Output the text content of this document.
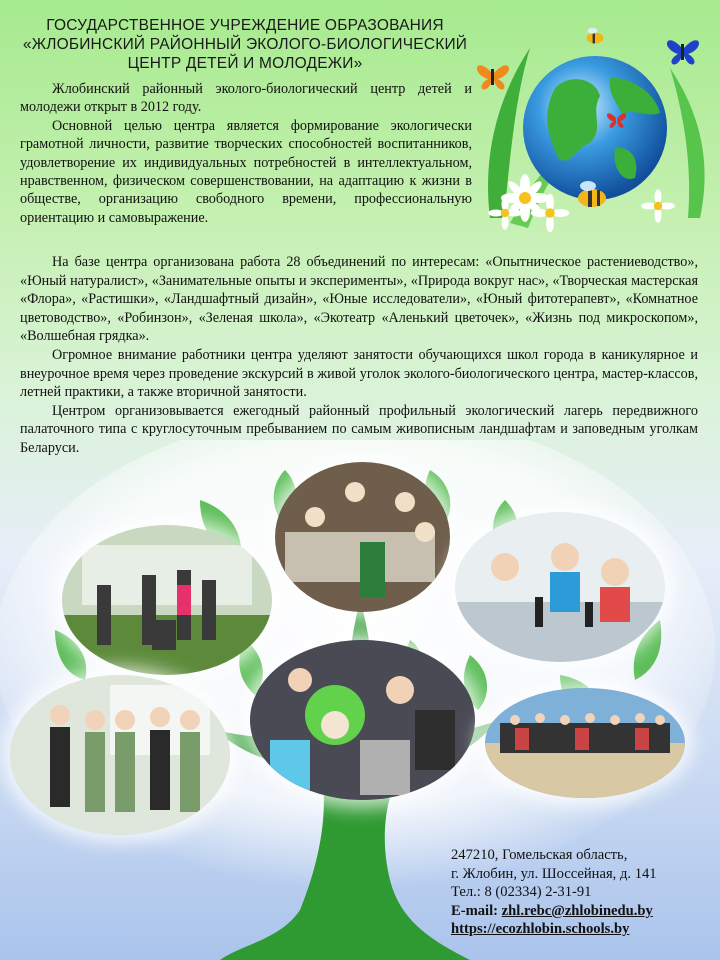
ГОСУДАРСТВЕННОЕ УЧРЕЖДЕНИЕ ОБРАЗОВАНИЯ
«ЖЛОБИНСКИЙ РАЙОННЫЙ ЭКОЛОГО-БИОЛОГИЧЕСКИЙ
ЦЕНТР ДЕТЕЙ И МОЛОДЕЖИ»

Жлобинский районный эколого-биологический центр детей и молодежи открыт в 2012 году.

Основной целью центра является формирование экологически грамотной личности, развитие творческих способностей воспитанников, удовлетворение их индивидуальных потребностей в интеллектуальном, нравственном, физическом совершенствовании, на адаптацию к жизни в обществе, организацию свободного времени, профессиональную ориентацию и самовыражение.

На базе центра организована работа 28 объединений по интересам: «Опытническое растениеводство», «Юный натуралист», «Занимательные опыты и эксперименты», «Природа вокруг нас», «Творческая мастерская «Флора», «Растишки», «Ландшафтный дизайн», «Юные исследователи», «Юный фитотерапевт», «Комнатное цветоводство», «Робинзон», «Зеленая школа», «Экотеатр «Аленький цветочек», «Жизнь под микроскопом», «Волшебная грядка».

Огромное внимание работники центра уделяют занятости обучающихся школ города в каникулярное и внеурочное время через проведение экскурсий в живой уголок эколого-биологического центра, мастер-классов, летней практики, а также вторичной занятости.

Центром организовывается ежегодный районный профильный экологический лагерь передвижного палаточного типа с круглосуточным пребыванием по самым живописным ландшафтам и заповедным уголкам Беларуси.

247210, Гомельская область,
г. Жлобин, ул. Шоссейная, д. 141
Тел.: 8 (02334) 2-31-91
E-mail: zhl.rebc@zhlobinedu.by
https://ecozhlobin.schools.by
